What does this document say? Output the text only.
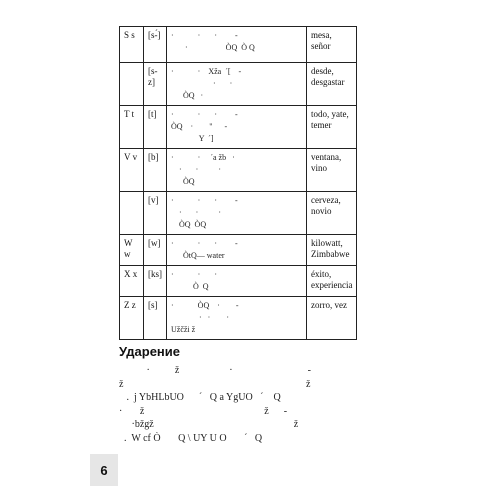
S s	[s-́]	·            ·       ·         -
·                   ÒQ  Ò Q	mesa, señor
	[s-z]	·            ·    Xža  ´[    -
·       ·
ÒQ   ·	desde, desgastar
T t	[t]	·            ·       ·         -
ÒQ    ·        "      -
Y  ´]	todo, yate, temer
V v	[b]	·            ·     ´a žb   ·
·       ·          ·
ÒQ	ventana, vino
	[v]	·            ·       ·         -
·       ·          ·
ÒQ  ÒQ	cerveza, novio
W w	[w]	·            ·       ·         -
ÒtQ— water	kilowatt, Zimbabwe
X x	[ks]	·            ·       ·
Ò  Q	éxito, experiencia
Z z	[s]	·            ÒQ    ·        -
·   ·        ·
Užčži ž	zorro, vez
Ударение
·          ž                    ·                              -
ž                                                                         ž
.  j YbHLbUO      ´   Q a YgUO   ´    Q
·       ž                                                ž      -
·bžgž                                                        ž
.  W cf Ò       Q \ UY U O       ´   Q
6
